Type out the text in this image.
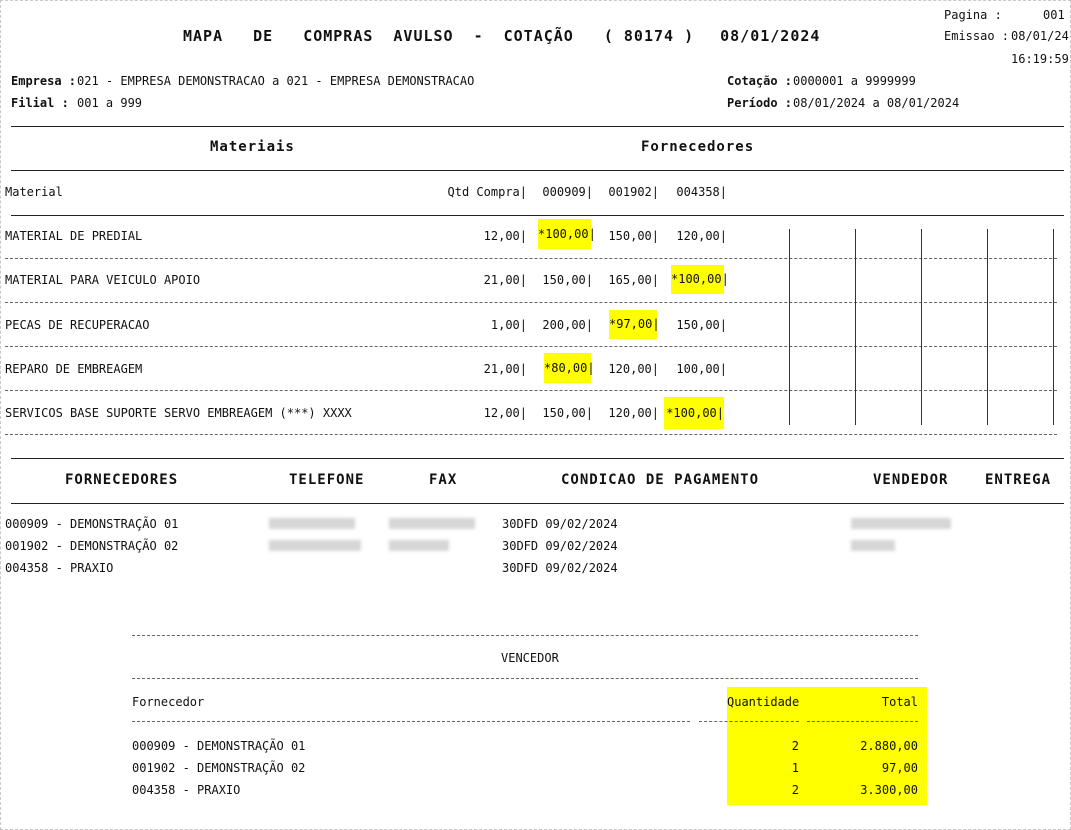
MAPA DE COMPRAS AVULSO - COTAÇÃO ( 80174 ) 08/01/2024
Pagina :	001
Emissao : 08/01/24
16:19:59
Empresa : 021 - EMPRESA DEMONSTRACAO a 021 - EMPRESA DEMONSTRACAO
Filial : 001 a 999
Cotação : 0000001 a 9999999
Período : 08/01/2024 a 08/01/2024
Materiais	Fornecedores
Material	Qtd Compra|	000909|	001902|	004358|
MATERIAL DE PREDIAL	12,00| *100,00|	150,00|	120,00|
MATERIAL PARA VEICULO APOIO	21,00|	150,00|	165,00| *100,00|
PECAS DE RECUPERACAO	1,00|	200,00| *97,00|	150,00|
REPARO DE EMBREAGEM	21,00| *80,00|	120,00|	100,00|
SERVICOS BASE SUPORTE SERVO EMBREAGEM (***) XXXX	12,00|	150,00|	120,00| *100,00|
FORNECEDORES	TELEFONE	FAX	CONDICAO DE PAGAMENTO	VENDEDOR	ENTREGA
000909 - DEMONSTRAÇÃO 01	30DFD 09/02/2024
001902 - DEMONSTRAÇÃO 02	30DFD 09/02/2024
004358 - PRAXIO	30DFD 09/02/2024
VENCEDOR
Fornecedor	Quantidade	Total
000909 - DEMONSTRAÇÃO 01	2	2.880,00
001902 - DEMONSTRAÇÃO 02	1	97,00
004358 - PRAXIO	2	3.300,00
